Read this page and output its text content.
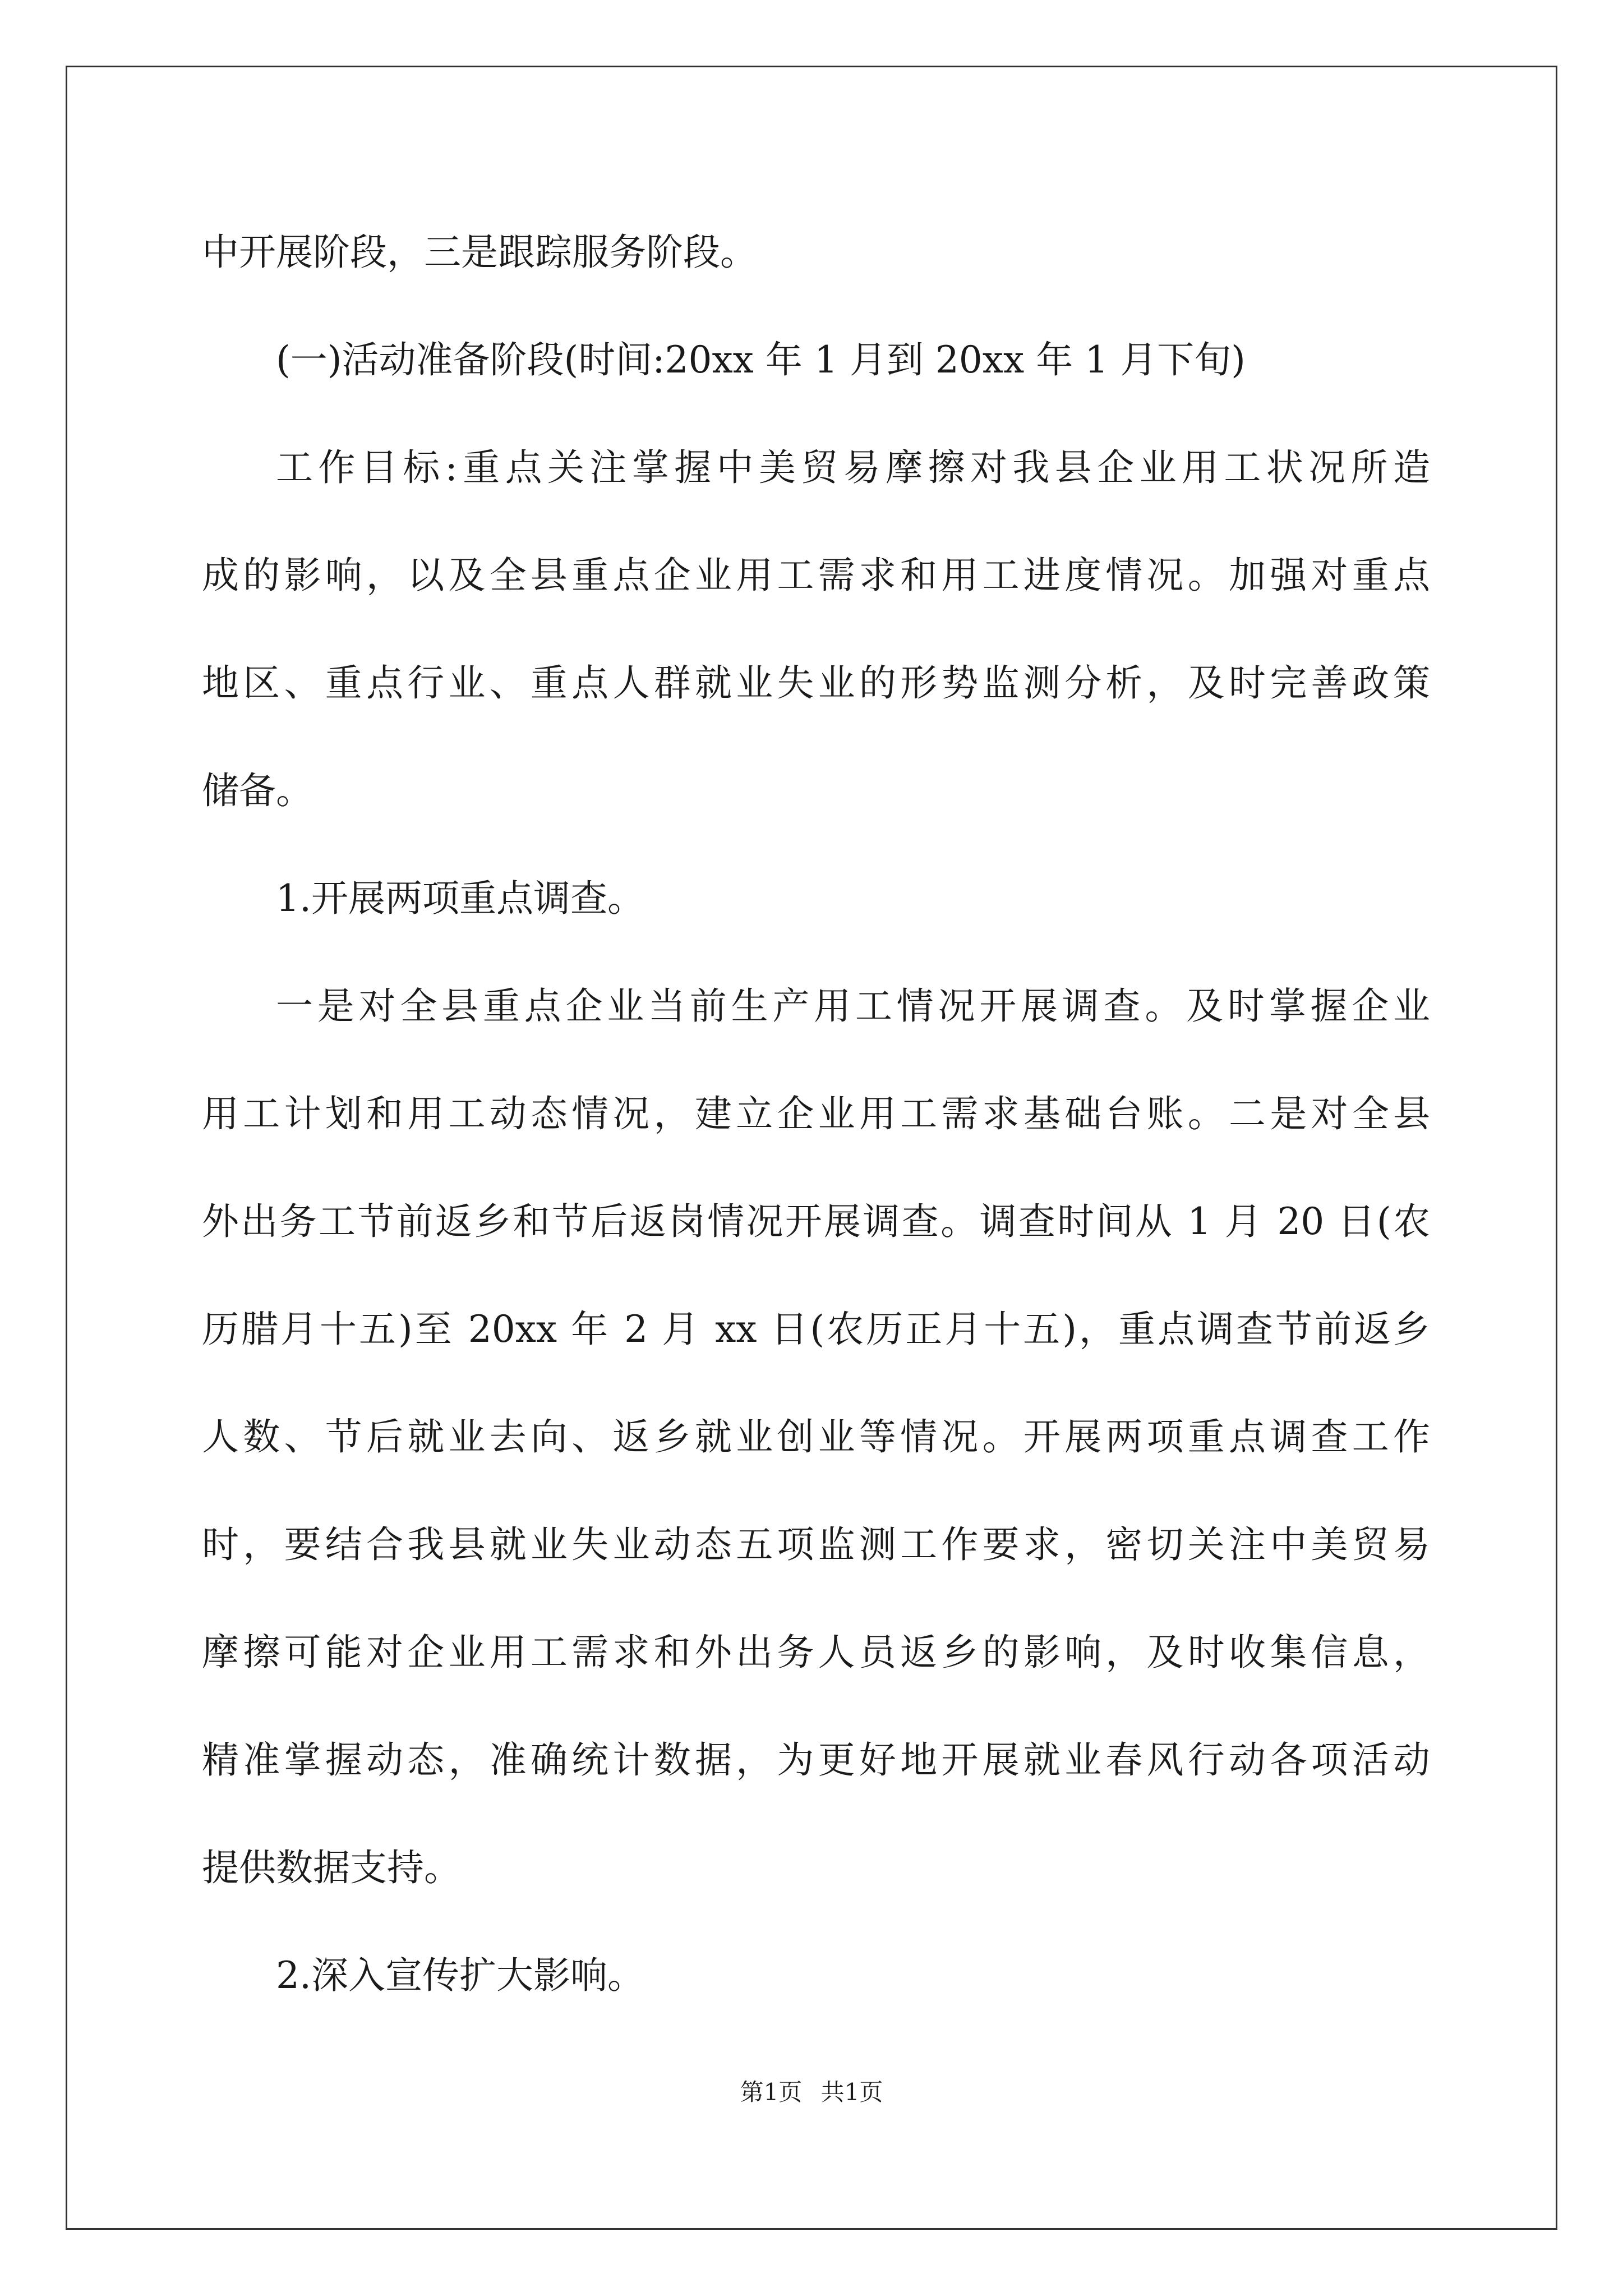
中开展阶段，三是跟踪服务阶段。
(一)活动准备阶段(时间:20xx 年 1 月到 20xx 年 1 月下旬)
工作目标:重点关注掌握中美贸易摩擦对我县企业用工状况所造
成的影响，以及全县重点企业用工需求和用工进度情况。加强对重点
地区、重点行业、重点人群就业失业的形势监测分析，及时完善政策
储备。
1.开展两项重点调查。
一是对全县重点企业当前生产用工情况开展调查。及时掌握企业
用工计划和用工动态情况，建立企业用工需求基础台账。二是对全县
外出务工节前返乡和节后返岗情况开展调查。调查时间从 1 月 20 日(农
历腊月十五)至 20xx 年 2 月 xx 日(农历正月十五)，重点调查节前返乡
人数、节后就业去向、返乡就业创业等情况。开展两项重点调查工作
时，要结合我县就业失业动态五项监测工作要求，密切关注中美贸易
摩擦可能对企业用工需求和外出务人员返乡的影响，及时收集信息，
精准掌握动态，准确统计数据，为更好地开展就业春风行动各项活动
提供数据支持。
2.深入宣传扩大影响。
第1页 共1页
